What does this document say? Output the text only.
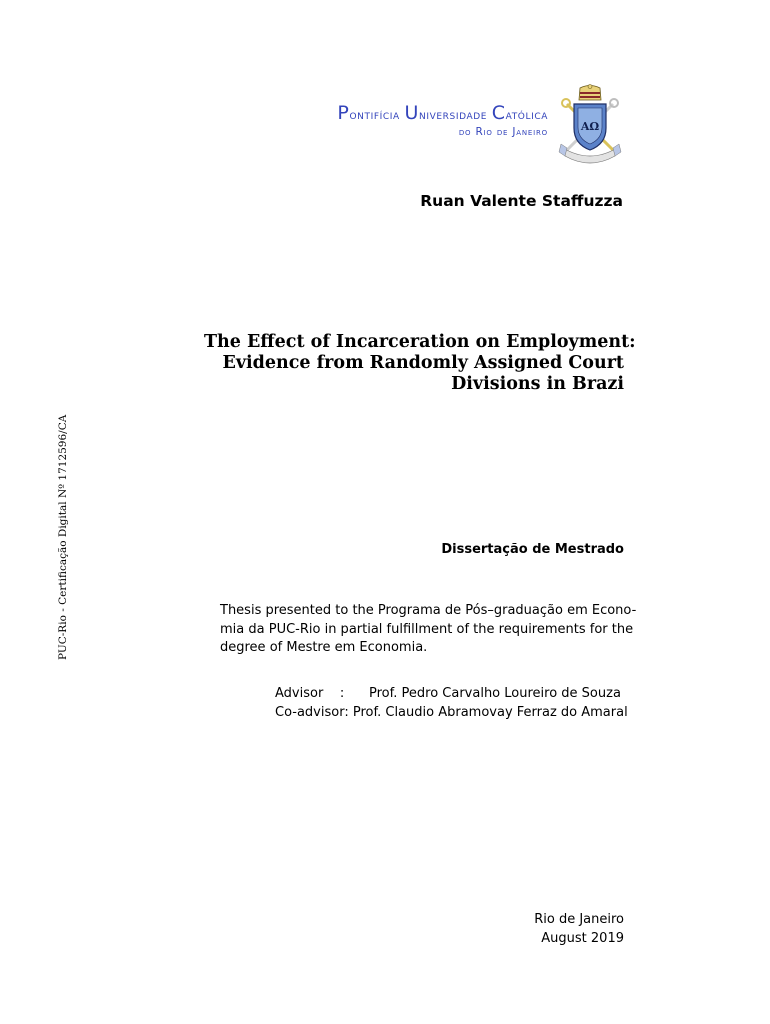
Pontifícia Universidade Católica
do Rio de Janeiro	AΩ
Ruan Valente Staffuzza
The Effect of Incarceration on Employment:
Evidence from Randomly Assigned Court
Divisions in Brazi
Dissertação de Mestrado
Thesis presented to the Programa de Pós–graduação em Econo-
mia da PUC-Rio in partial fulfillment of the requirements for the
degree of Mestre em Economia.
Advisor    :      Prof. Pedro Carvalho Loureiro de Souza
Co-advisor: Prof. Claudio Abramovay Ferraz do Amaral
Rio de Janeiro
August 2019
PUC-Rio - Certificação Digital Nº 1712596/CA
